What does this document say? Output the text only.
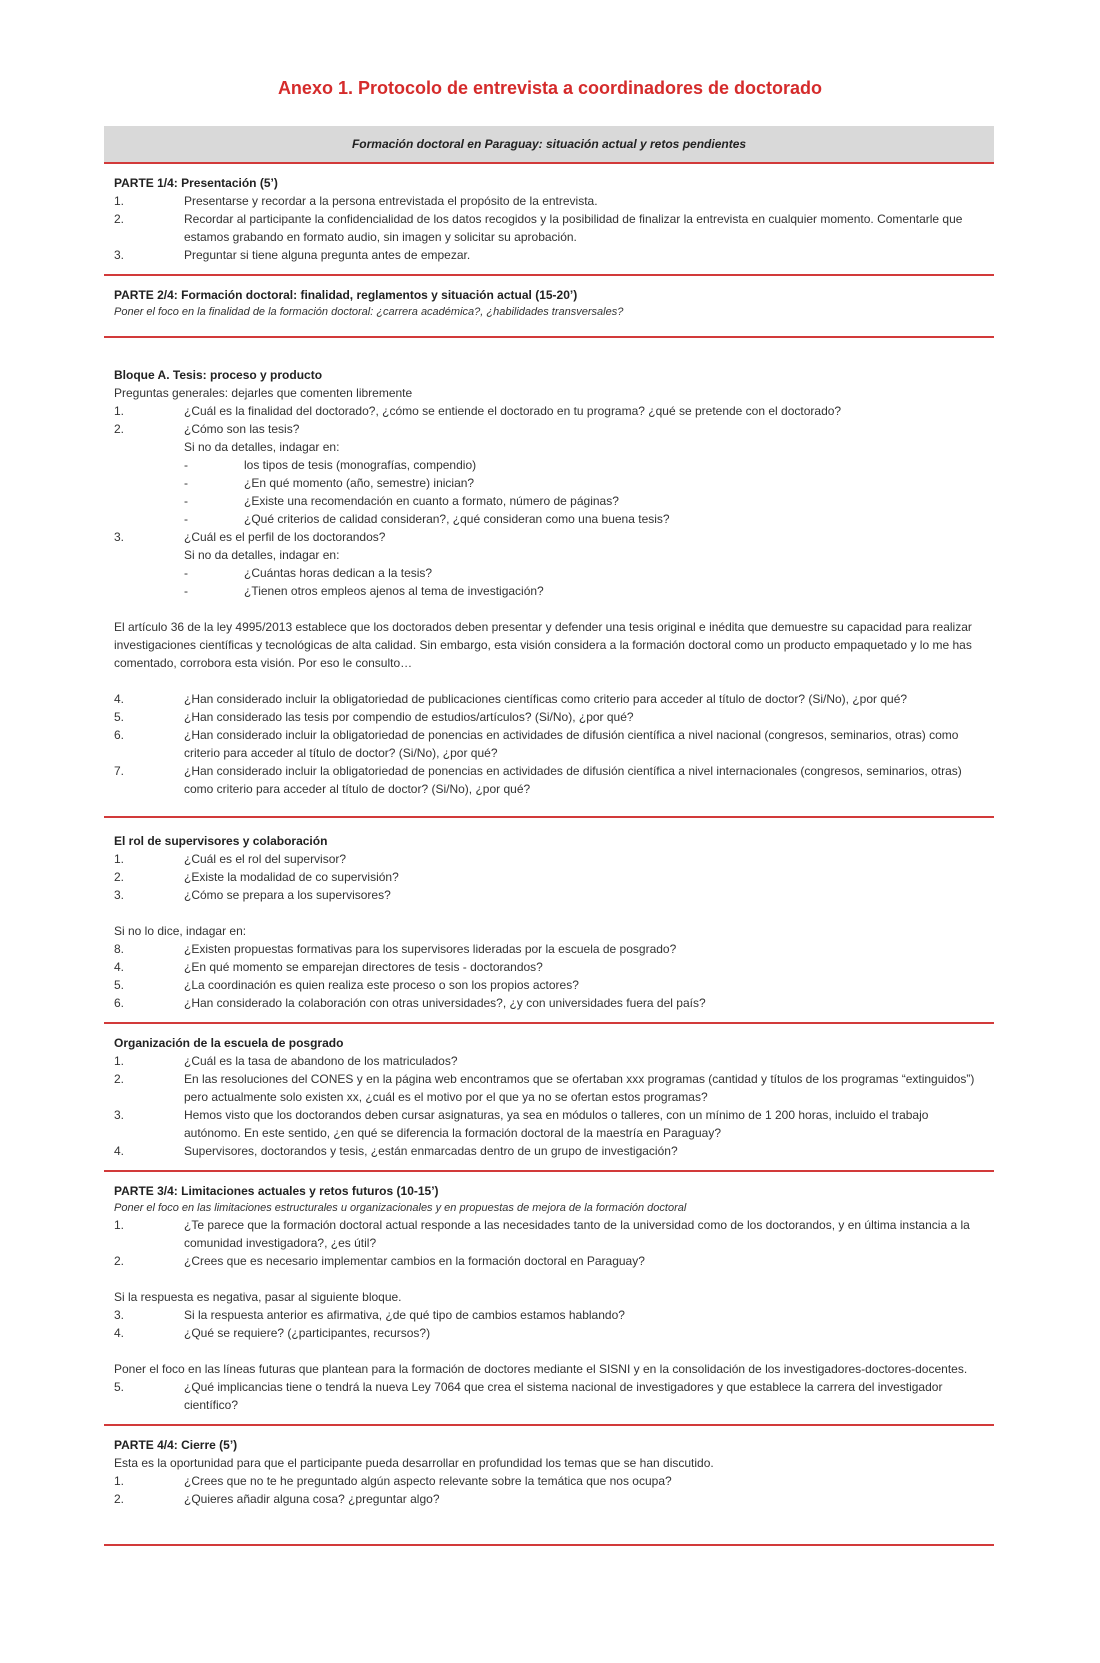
Anexo 1. Protocolo de entrevista a coordinadores de doctorado
Formación doctoral en Paraguay: situación actual y retos pendientes
PARTE 1/4: Presentación (5’)
1.	Presentarse y recordar a la persona entrevistada el propósito de la entrevista.
2.	Recordar al participante la confidencialidad de los datos recogidos y la posibilidad de finalizar la entrevista en cualquier momento. Comentarle que estamos grabando en formato audio, sin imagen y solicitar su aprobación.
3.	Preguntar si tiene alguna pregunta antes de empezar.
PARTE 2/4: Formación doctoral: finalidad, reglamentos y situación actual (15-20’)
Poner el foco en la finalidad de la formación doctoral: ¿carrera académica?, ¿habilidades transversales?
Bloque A. Tesis: proceso y producto
Preguntas generales: dejarles que comenten libremente
1.	¿Cuál es la finalidad del doctorado?, ¿cómo se entiende el doctorado en tu programa? ¿qué se pretende con el doctorado?
2.	¿Cómo son las tesis?
Si no da detalles, indagar en:
-	los tipos de tesis (monografías, compendio)
-	¿En qué momento (año, semestre) inician?
-	¿Existe una recomendación en cuanto a formato, número de páginas?
-	¿Qué criterios de calidad consideran?, ¿qué consideran como una buena tesis?
3.	¿Cuál es el perfil de los doctorandos?
Si no da detalles, indagar en:
-	¿Cuántas horas dedican a la tesis?
-	¿Tienen otros empleos ajenos al tema de investigación?
El artículo 36 de la ley 4995/2013 establece que los doctorados deben presentar y defender una tesis original e inédita que demuestre su capacidad para realizar investigaciones científicas y tecnológicas de alta calidad. Sin embargo, esta visión considera a la formación doctoral como un producto empaquetado y lo me has comentado, corrobora esta visión. Por eso le consulto…
4.	¿Han considerado incluir la obligatoriedad de publicaciones científicas como criterio para acceder al título de doctor? (Si/No), ¿por qué?
5.	¿Han considerado las tesis por compendio de estudios/artículos? (Si/No), ¿por qué?
6.	¿Han considerado incluir la obligatoriedad de ponencias en actividades de difusión científica a nivel nacional (congresos, seminarios, otras) como criterio para acceder al título de doctor? (Si/No), ¿por qué?
7.	¿Han considerado incluir la obligatoriedad de ponencias en actividades de difusión científica a nivel internacionales (congresos, seminarios, otras) como criterio para acceder al título de doctor? (Si/No), ¿por qué?
El rol de supervisores y colaboración
1.	¿Cuál es el rol del supervisor?
2.	¿Existe la modalidad de co supervisión?
3.	¿Cómo se prepara a los supervisores?
Si no lo dice, indagar en:
8.	¿Existen propuestas formativas para los supervisores lideradas por la escuela de posgrado?
4.	¿En qué momento se emparejan directores de tesis - doctorandos?
5.	¿La coordinación es quien realiza este proceso o son los propios actores?
6.	¿Han considerado la colaboración con otras universidades?, ¿y con universidades fuera del país?
Organización de la escuela de posgrado
1.	¿Cuál es la tasa de abandono de los matriculados?
2.	En las resoluciones del CONES y en la página web encontramos que se ofertaban xxx programas (cantidad y títulos de los programas “extinguidos”) pero actualmente solo existen xx, ¿cuál es el motivo por el que ya no se ofertan estos programas?
3.	Hemos visto que los doctorandos deben cursar asignaturas, ya sea en módulos o talleres, con un mínimo de 1 200 horas, incluido el trabajo autónomo. En este sentido, ¿en qué se diferencia la formación doctoral de la maestría en Paraguay?
4.	Supervisores, doctorandos y tesis, ¿están enmarcadas dentro de un grupo de investigación?
PARTE 3/4: Limitaciones actuales y retos futuros (10-15’)
Poner el foco en las limitaciones estructurales u organizacionales y en propuestas de mejora de la formación doctoral
1.	¿Te parece que la formación doctoral actual responde a las necesidades tanto de la universidad como de los doctorandos, y en última instancia a la comunidad investigadora?, ¿es útil?
2.	¿Crees que es necesario implementar cambios en la formación doctoral en Paraguay?
Si la respuesta es negativa, pasar al siguiente bloque.
3.	Si la respuesta anterior es afirmativa, ¿de qué tipo de cambios estamos hablando?
4.	¿Qué se requiere? (¿participantes, recursos?)
Poner el foco en las líneas futuras que plantean para la formación de doctores mediante el SISNI y en la consolidación de los investigadores-doctores-docentes.
5.	¿Qué implicancias tiene o tendrá la nueva Ley 7064 que crea el sistema nacional de investigadores y que establece la carrera del investigador científico?
PARTE 4/4: Cierre (5’)
Esta es la oportunidad para que el participante pueda desarrollar en profundidad los temas que se han discutido.
1.	¿Crees que no te he preguntado algún aspecto relevante sobre la temática que nos ocupa?
2.	¿Quieres añadir alguna cosa? ¿preguntar algo?
